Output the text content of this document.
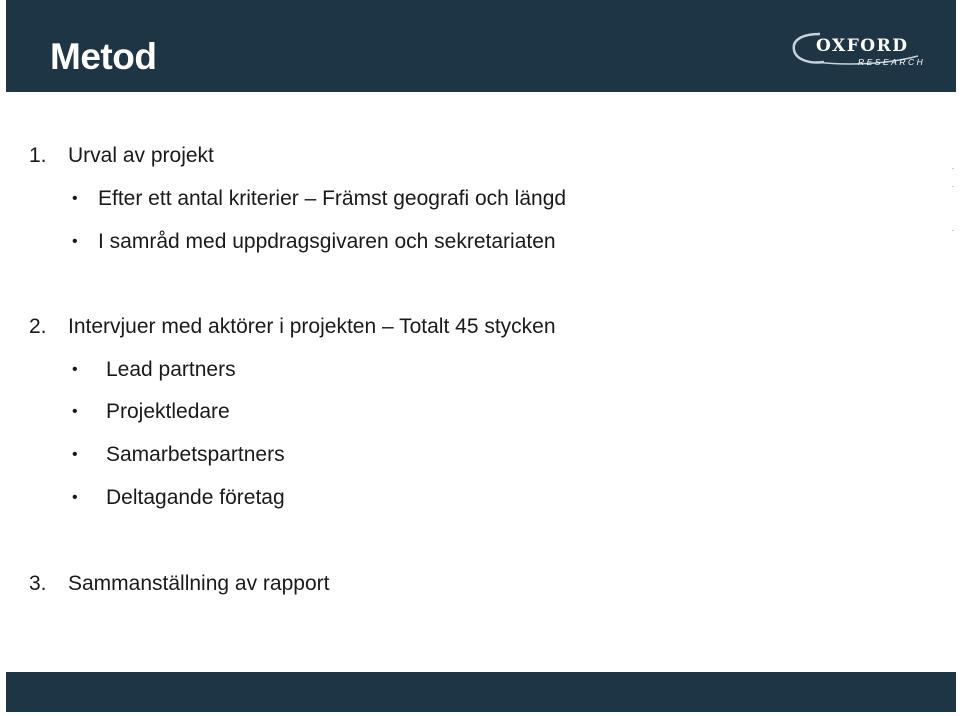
Metod	OXFORD
RESEARCH
1. Urval av projekt
• Efter ett antal kriterier – Främst geografi och längd
• I samråd med uppdragsgivaren och sekretariaten
2. Intervjuer med aktörer i projekten – Totalt 45 stycken
• Lead partners
• Projektledare
• Samarbetspartners
• Deltagande företag
3. Sammanställning av rapport
